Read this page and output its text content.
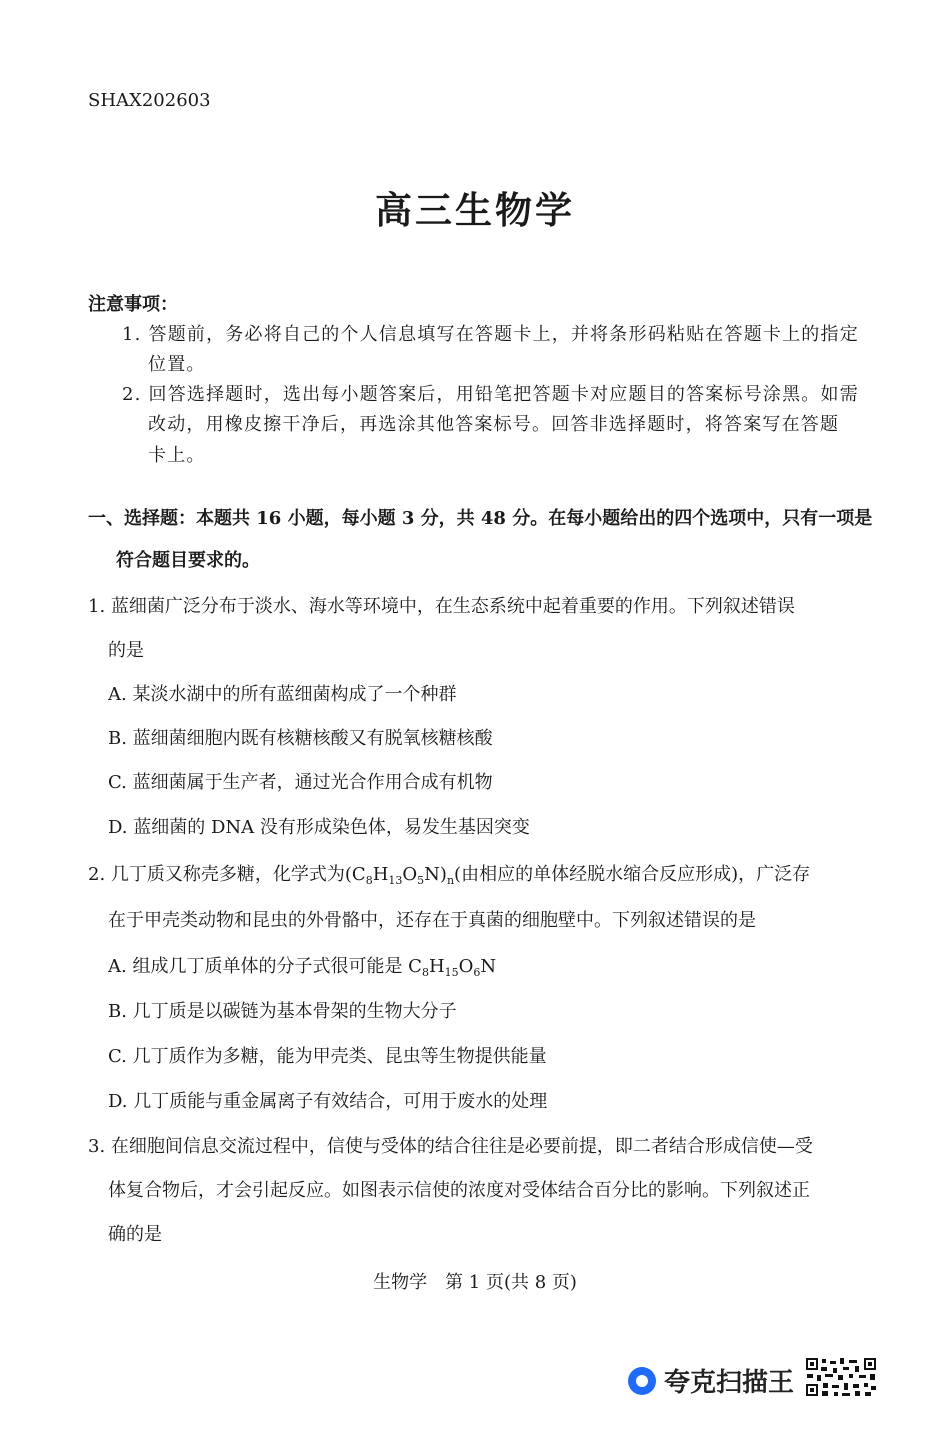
SHAX202603
高三生物学
注意事项：
1. 答题前，务必将自己的个人信息填写在答题卡上，并将条形码粘贴在答题卡上的指定
位置。
2. 回答选择题时，选出每小题答案后，用铅笔把答题卡对应题目的答案标号涂黑。如需
改动，用橡皮擦干净后，再选涂其他答案标号。回答非选择题时，将答案写在答题
卡上。
一、选择题：本题共 16 小题，每小题 3 分，共 48 分。在每小题给出的四个选项中，只有一项是
符合题目要求的。
1. 蓝细菌广泛分布于淡水、海水等环境中，在生态系统中起着重要的作用。下列叙述错误
的是
A. 某淡水湖中的所有蓝细菌构成了一个种群
B. 蓝细菌细胞内既有核糖核酸又有脱氧核糖核酸
C. 蓝细菌属于生产者，通过光合作用合成有机物
D. 蓝细菌的 DNA 没有形成染色体，易发生基因突变
2. 几丁质又称壳多糖，化学式为$(C_8H_{13}O_5N)_n$(由相应的单体经脱水缩合反应形成)，广泛存
在于甲壳类动物和昆虫的外骨骼中，还存在于真菌的细胞壁中。下列叙述错误的是
A. 组成几丁质单体的分子式很可能是 $C_8H_{15}O_6N$
B. 几丁质是以碳链为基本骨架的生物大分子
C. 几丁质作为多糖，能为甲壳类、昆虫等生物提供能量
D. 几丁质能与重金属离子有效结合，可用于废水的处理
3. 在细胞间信息交流过程中，信使与受体的结合往往是必要前提，即二者结合形成信使—受
体复合物后，才会引起反应。如图表示信使的浓度对受体结合百分比的影响。下列叙述正
确的是
生物学　第 1 页(共 8 页)
夸克扫描王
